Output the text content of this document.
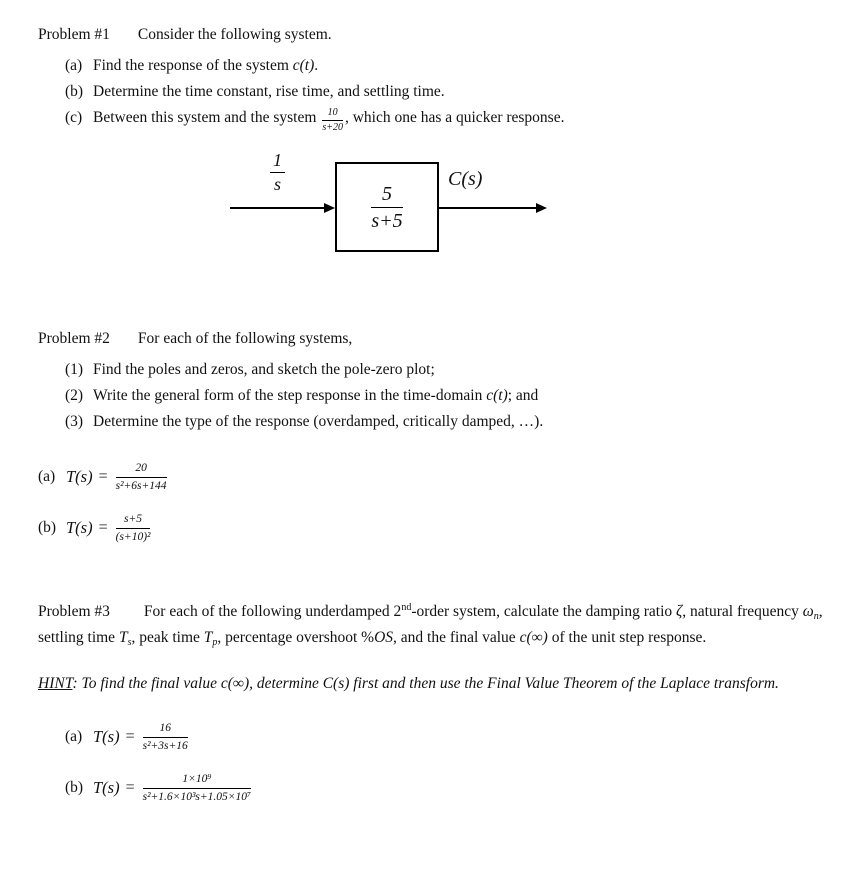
Problem #1 Consider the following system.
(a) Find the response of the system c(t).
(b) Determine the time constant, rise time, and settling time.
(c) Between this system and the system $\frac{10}{s+20}$ , which one has a quicker response.
$\frac{1}{s}$
$\frac{5}{s+5}$
C(s)
Problem #2 For each of the following systems,
(1) Find the poles and zeros, and sketch the pole-zero plot;
(2) Write the general form of the step response in the time-domain c(t); and
(3) Determine the type of the response (overdamped, critically damped, …).
(a) $T(s) = \frac{20}{\text{s²+6s+144}}$
(b) $T(s) = \frac{s+5}{\text{(s+10)²}}$

Problem #3 For each of the following underdamped 2nd-order system, calculate the damping ratio ζ, natural frequency $\omega_n$, settling time $T_s$, peak time $T_p$, percentage overshoot %OS, and the final value c(∞) of the unit step response.

HINT: To find the final value c(∞), determine C(s) first and then use the Final Value Theorem of the Laplace transform.

(a) $T(s) = \frac{16}{\text{s²+3s+16}}$
(b) $T(s) = \frac{\text{1×10⁹}}{\text{s²+1.6×10³s+1.05×10⁷}}$
